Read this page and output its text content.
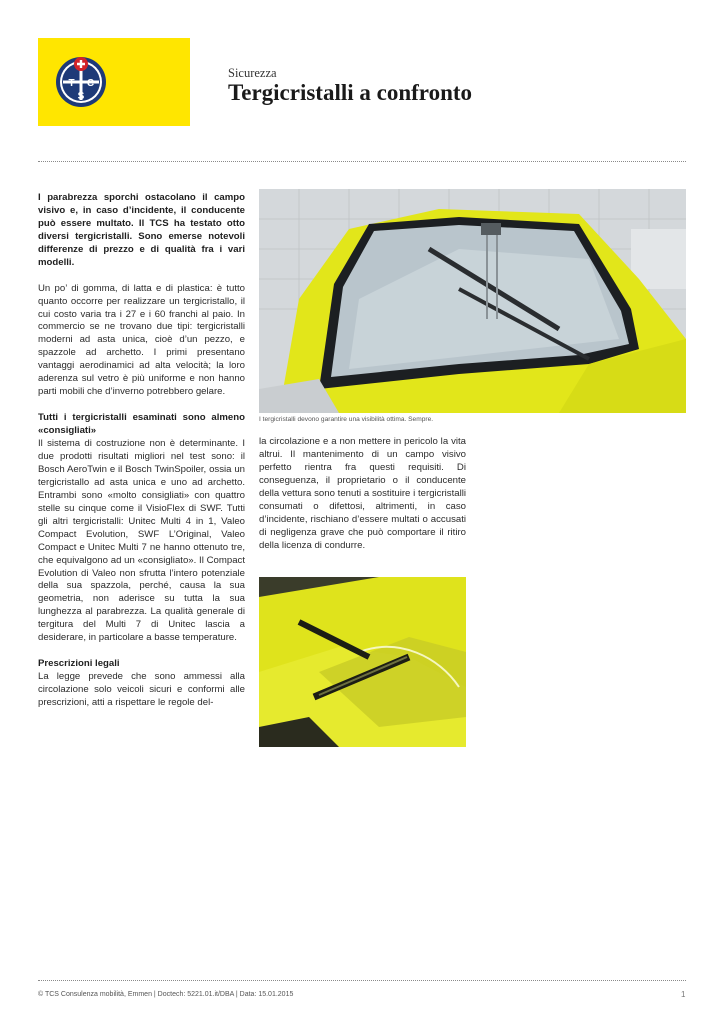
T C
S
Sicurezza
Tergicristalli a confronto

I parabrezza sporchi ostacolano il campo visivo e, in caso d’incidente, il conducente può essere multato. Il TCS ha testato otto diversi tergicristalli. Sono emerse notevoli differenze di prezzo e di qualità fra i vari modelli.

Un po’ di gomma, di latta e di plastica: è tutto quanto occorre per realizzare un tergicristallo, il cui costo varia tra i 27 e i 60 franchi al paio. In commercio se ne trovano due tipi: tergicristalli moderni ad asta unica, cioè d’un pezzo, e spazzole ad archetto. I primi presentano vantaggi aerodinamici ad alta velocità; la loro aderenza sul vetro è più uniforme e non hanno parti mobili che d’inverno potrebbero gelare.

Tutti i tergicristalli esaminati sono almeno «consigliati»

Il sistema di costruzione non è determinante. I due prodotti risultati migliori nel test sono: il Bosch AeroTwin e il Bosch TwinSpoiler, ossia un tergicristallo ad asta unica e uno ad archetto. Entrambi sono «molto consigliati» con quattro stelle su cinque come il VisioFlex di SWF. Tutti gli altri tergicristalli: Unitec Multi 4 in 1, Valeo Compact Evolution, SWF L’Original, Valeo Compact e Unitec Multi 7 ne hanno ottenuto tre, che equivalgono ad un «consigliato». Il Compact Evolution di Valeo non sfrutta l’intero potenziale della sua spazzola, perché, causa la sua geometria, non aderisce su tutta la sua lunghezza al parabrezza. La qualità generale di tergitura del Multi 7 di Unitec lascia a desiderare, in particolare a basse temperature.

Prescrizioni legali

La legge prevede che sono ammessi alla circolazione solo veicoli sicuri e conformi alle prescrizioni, atti a rispettare le regole del-

I tergicristalli devono garantire una visibilità ottima. Sempre.

la circolazione e a non mettere in pericolo la vita altrui. Il mantenimento di un campo visivo perfetto rientra fra questi requisiti. Di conseguenza, il proprietario o il conducente della vettura sono tenuti a sostituire i tergicristalli consumati o difettosi, altrimenti, in caso d’incidente, rischiano d’essere multati o accusati di negligenza grave che può comportare il ritiro della licenza di condurre.

© TCS Consulenza mobilità, Emmen | Doctech: 5221.01.it/DBA | Data: 15.01.2015	1
